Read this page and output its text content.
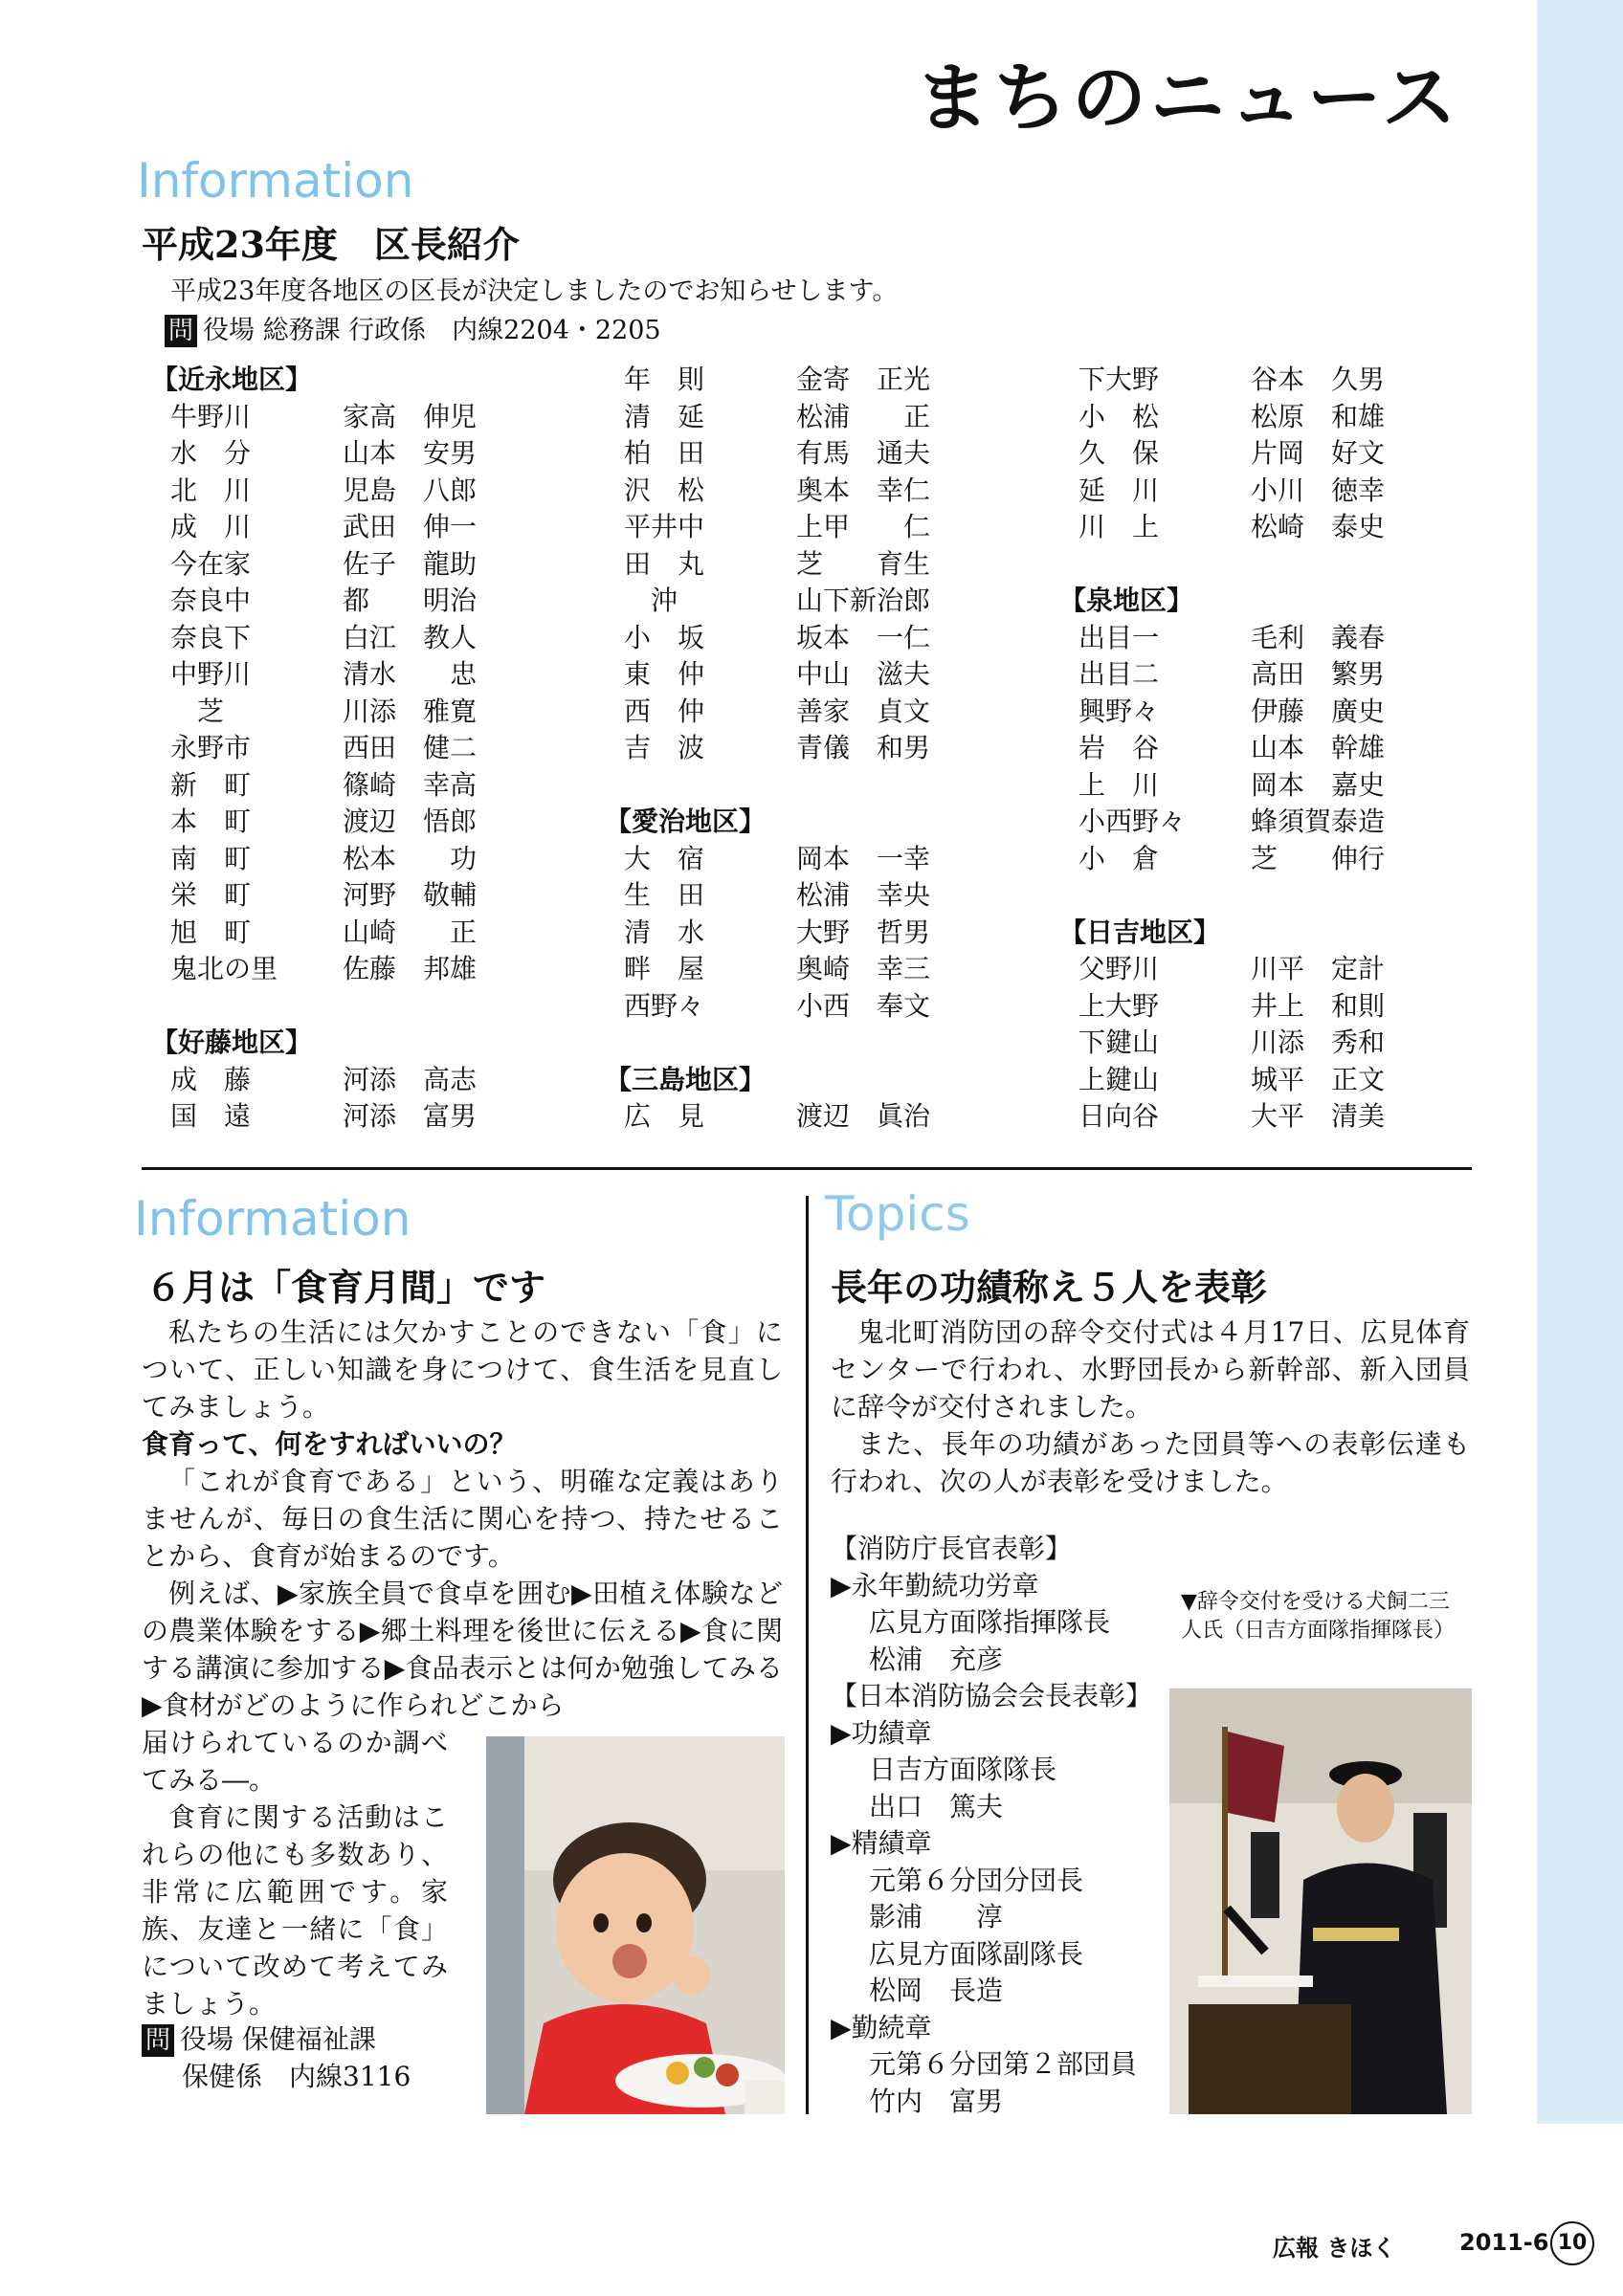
まちのニュース
Information
平成23年度　区長紹介
平成23年度各地区の区長が決定しましたのでお知らせします。
問 役場 総務課 行政係　内線2204・2205
【近永地区】
牛野川	家高　伸児
水　分	山本　安男
北　川	児島　八郎
成　川	武田　伸一
今在家	佐子　龍助
奈良中	都　　明治
奈良下	白江　教人
中野川	清水　　忠
　芝	川添　雅寛
永野市	西田　健二
新　町	篠崎　幸高
本　町	渡辺　悟郎
南　町	松本　　功
栄　町	河野　敬輔
旭　町	山崎　　正
鬼北の里	佐藤　邦雄
【好藤地区】
成　藤	河添　高志
国　遠	河添　富男
年　則	金寄　正光
清　延	松浦　　正
柏　田	有馬　通夫
沢　松	奥本　幸仁
平井中	上甲　　仁
田　丸	芝　　育生
　沖	山下新治郎
小　坂	坂本　一仁
東　仲	中山　滋夫
西　仲	善家　貞文
吉　波	青儀　和男
【愛治地区】
大　宿	岡本　一幸
生　田	松浦　幸央
清　水	大野　哲男
畔　屋	奥崎　幸三
西野々	小西　奉文
【三島地区】
広　見	渡辺　眞治
下大野	谷本　久男
小　松	松原　和雄
久　保	片岡　好文
延　川	小川　徳幸
川　上	松崎　泰史
【泉地区】
出目一	毛利　義春
出目二	高田　繁男
興野々	伊藤　廣史
岩　谷	山本　幹雄
上　川	岡本　嘉史
小西野々	蜂須賀泰造
小　倉	芝　　伸行
【日吉地区】
父野川	川平　定計
上大野	井上　和則
下鍵山	川添　秀和
上鍵山	城平　正文
日向谷	大平　清美
Information
６月は「食育月間」です

私たちの生活には欠かすことのできない「食」について、正しい知識を身につけて、食生活を見直してみましょう。

食育って、何をすればいいの？

「これが食育である」という、明確な定義はありませんが、毎日の食生活に関心を持つ、持たせることから、食育が始まるのです。

例えば、▶家族全員で食卓を囲む▶田植え体験などの農業体験をする▶郷土料理を後世に伝える▶食に関する講演に参加する▶食品表示とは何か勉強してみる▶食材がどのように作られどこから

届けられているのか調べてみる―。

食育に関する活動はこれらの他にも多数あり、非常に広範囲です。家族、友達と一緒に「食」について改めて考えてみましょう。

問 役場 保健福祉課
保健係　内線3116
Topics
長年の功績称え５人を表彰

鬼北町消防団の辞令交付式は４月17日、広見体育センターで行われ、水野団長から新幹部、新入団員に辞令が交付されました。

また、長年の功績があった団員等への表彰伝達も行われ、次の人が表彰を受けました。

【消防庁長官表彰】
▶永年勤続功労章
広見方面隊指揮隊長
松浦　充彦
【日本消防協会会長表彰】
▶功績章
日吉方面隊隊長
出口　篤夫
▶精績章
元第６分団分団長
影浦　　淳
広見方面隊副隊長
松岡　長造
▶勤続章
元第６分団第２部団員
竹内　富男
▼辞令交付を受ける犬飼二三人氏（日吉方面隊指揮隊長）
広報 きほく	2011-6 10
